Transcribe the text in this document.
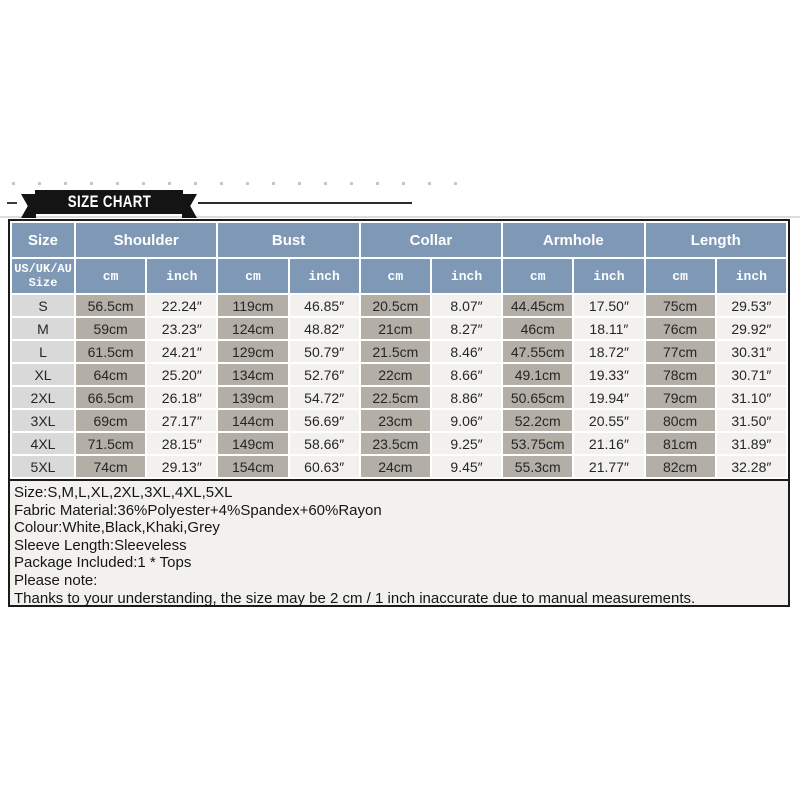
SIZE CHART
Size	Shoulder		Bust		Collar		Armhole		Length	

US/UK/AU
Size	cm	inch	cm	inch	cm	inch	cm	inch	cm	inch
S	56.5cm	22.24″	119cm	46.85″	20.5cm	8.07″	44.45cm	17.50″	75cm	29.53″
M	59cm	23.23″	124cm	48.82″	21cm	8.27″	46cm	18.11″	76cm	29.92″
L	61.5cm	24.21″	129cm	50.79″	21.5cm	8.46″	47.55cm	18.72″	77cm	30.31″
XL	64cm	25.20″	134cm	52.76″	22cm	8.66″	49.1cm	19.33″	78cm	30.71″
2XL	66.5cm	26.18″	139cm	54.72″	22.5cm	8.86″	50.65cm	19.94″	79cm	31.10″
3XL	69cm	27.17″	144cm	56.69″	23cm	9.06″	52.2cm	20.55″	80cm	31.50″
4XL	71.5cm	28.15″	149cm	58.66″	23.5cm	9.25″	53.75cm	21.16″	81cm	31.89″
5XL	74cm	29.13″	154cm	60.63″	24cm	9.45″	55.3cm	21.77″	82cm	32.28″
Size:S,M,L,XL,2XL,3XL,4XL,5XL
Fabric Material:36%Polyester+4%Spandex+60%Rayon
Colour:White,Black,Khaki,Grey
Sleeve Length:Sleeveless
Package Included:1 * Tops
Please note:
Thanks to your understanding, the size may be 2 cm / 1 inch inaccurate due to manual measurements.
